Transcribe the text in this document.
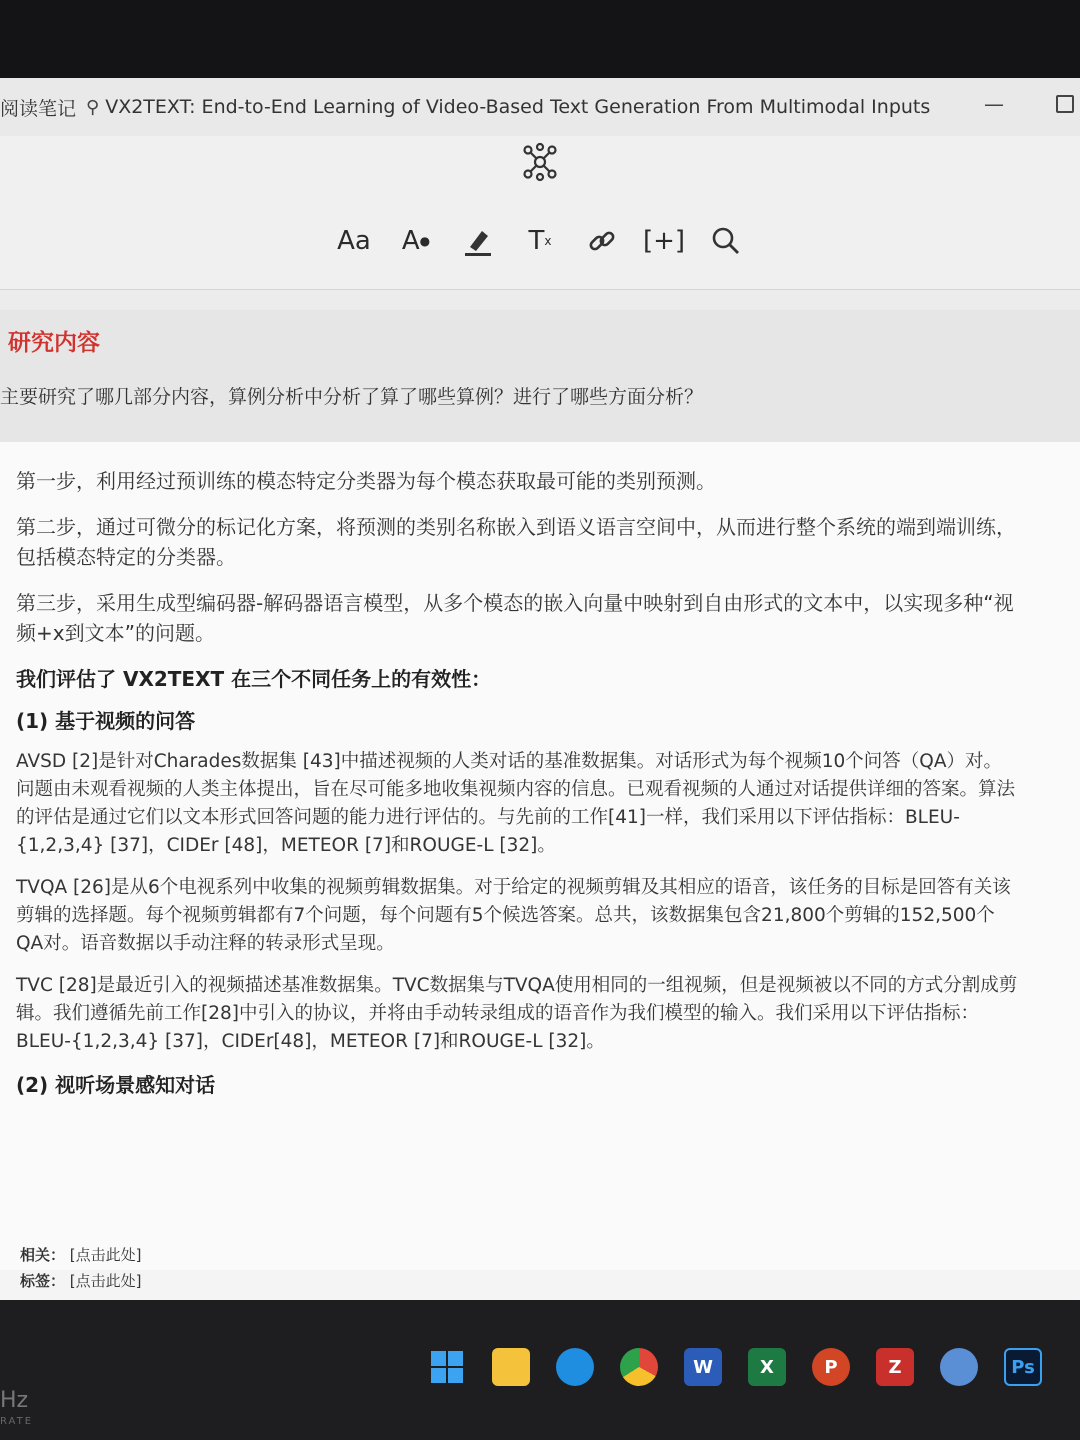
阅读笔记 ⚲ VX2TEXT: End-to-End Learning of Video-Based Text Generation From Multimodal Inputs	—
Aa A ●	T x	[+]
研究内容
主要研究了哪几部分内容，算例分析中分析了算了哪些算例？进行了哪些方面分析？

第一步，利用经过预训练的模态特定分类器为每个模态获取最可能的类别预测。

第二步，通过可微分的标记化方案，将预测的类别名称嵌入到语义语言空间中，从而进行整个系统的端到端训练，包括模态特定的分类器。

第三步，采用生成型编码器-解码器语言模型，从多个模态的嵌入向量中映射到自由形式的文本中，以实现多种“视频+x到文本”的问题。

我们评估了 VX2TEXT 在三个不同任务上的有效性：

(1) 基于视频的问答

AVSD [2]是针对Charades数据集 [43]中描述视频的人类对话的基准数据集。对话形式为每个视频10个问答（QA）对。问题由未观看视频的人类主体提出，旨在尽可能多地收集视频内容的信息。已观看视频的人通过对话提供详细的答案。算法的评估是通过它们以文本形式回答问题的能力进行评估的。与先前的工作[41]一样，我们采用以下评估指标：BLEU-{1,2,3,4} [37]，CIDEr [48]，METEOR [7]和ROUGE-L [32]。

TVQA [26]是从6个电视系列中收集的视频剪辑数据集。对于给定的视频剪辑及其相应的语音，该任务的目标是回答有关该剪辑的选择题。每个视频剪辑都有7个问题，每个问题有5个候选答案。总共，该数据集包含21,800个剪辑的152,500个QA对。语音数据以手动注释的转录形式呈现。

TVC [28]是最近引入的视频描述基准数据集。TVC数据集与TVQA使用相同的一组视频，但是视频被以不同的方式分割成剪辑。我们遵循先前工作[28]中引入的协议，并将由手动转录组成的语音作为我们模型的输入。我们采用以下评估指标：BLEU-{1,2,3,4} [37]，CIDEr[48]，METEOR [7]和ROUGE-L [32]。

(2) 视听场景感知对话

相关： [点击此处]
标签： [点击此处]
W	X	P	Z	Ps
Hz
RATE
